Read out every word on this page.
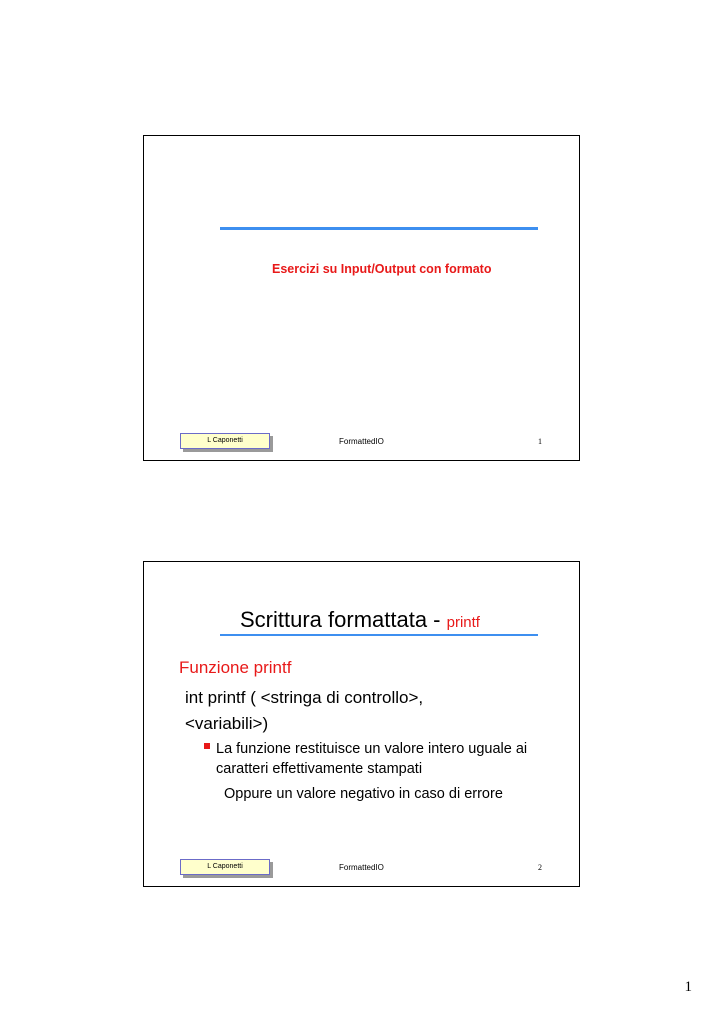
Esercizi su Input/Output con formato
L Caponetti	FormattedIO	1
Scrittura formattata - printf
Funzione printf
int printf ( <stringa di controllo>, <variabili>)
La funzione restituisce un valore intero uguale ai caratteri effettivamente stampati
Oppure un valore negativo in caso di errore
L Caponetti	FormattedIO	2
1
